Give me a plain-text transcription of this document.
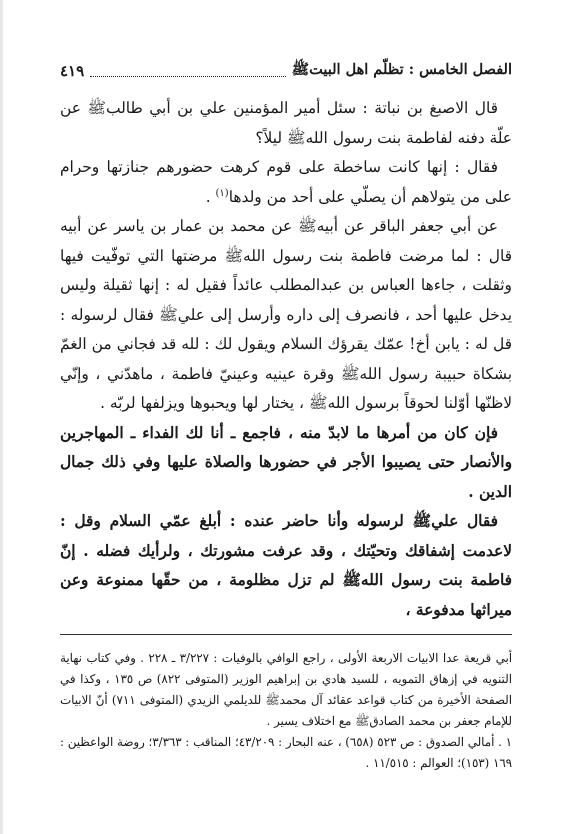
الفصل الخامس : تظلّم اهل البيتﷺ
٤١٩

قال الاصبغ بن نباتة : سئل أمير المؤمنين علي بن أبي طالبﷺ عن علّة دفنه لفاطمة بنت رسول اللهﷺ ليلاً؟

فقال : إنها كانت ساخطة على قوم كرهت حضورهم جنازتها وحرام على من يتولاهم أن يصلّي على أحد من ولدها$^{(١)}$ .

عن أبي جعفر الباقر عن أبيهﷺ عن محمد بن عمار بن ياسر عن أبيه قال : لما مرضت فاطمة بنت رسول اللهﷺ مرضتها التي توفّيت فيها وثقلت ، جاءها العباس بن عبدالمطلب عائداً فقيل له : إنها ثقيلة وليس يدخل عليها أحد ، فانصرف إلى داره وأرسل إلى عليﷺ فقال لرسوله : قل له : يابن أخ! عمّك يقرؤك السلام ويقول لك : لله قد فجاني من الغمّ بشكاة حبيبة رسول اللهﷺ وقرة عينيه وعينيّ فاطمة ، ماهدّني ، وإنّي لاظنّها أوّلنا لحوقاً برسول اللهﷺ ، يختار لها ويحبوها ويزلفها لربّه .

فإن كان من أمرها ما لابدّ منه ، فاجمع ـ أنا لك الفداء ـ المهاجرين والأنصار حتى يصيبوا الأجر في حضورها والصلاة عليها وفي ذلك جمال الدين .

فقال عليﷺ لرسوله وأنا حاضر عنده : أبلغ عمّي السلام وقل : لاعدمت إشفاقك وتحيّتك ، وقد عرفت مشورتك ، ولرأيك فضله . إنّ فاطمة بنت رسول اللهﷺ لم تزل مظلومة ، من حقّها ممنوعة وعن ميراثها مدفوعة ،

أبي قريعة عدا الابيات الاربعة الأولى ، راجع الوافي بالوفيات : ٣/٢٢٧ ـ ٢٢٨ . وفي كتاب نهاية التنويه في إزهاق التمويه ، للسيد هادي بن إبراهيم الوزير (المتوفى ٨٢٢) ص ١٣٥ ، وكذا في الصفحة الأخيرة من كتاب قواعد عقائد آل محمدﷺ للديلمي الزيدي (المتوفى ٧١١) أنّ الابيات للإمام جعفر بن محمد الصادقﷺ مع اختلاف يسير .

١ . أمالي الصدوق : ص ٥٢٣ (٦٥٨) ، عنه البحار : ٤٣/٢٠٩؛ المناقب : ٣/٣٦٣؛ روضة الواعظين : ١٦٩ (١٥٣)؛ العوالم : ١١/٥١٥ .
